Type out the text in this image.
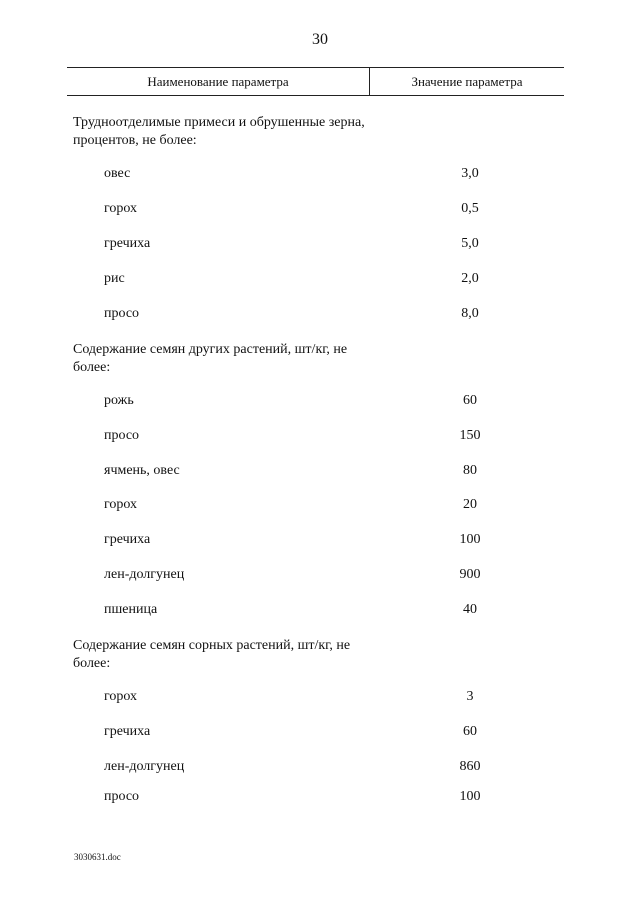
30
Наименование параметра	Значение параметра
Трудноотделимые примеси и обрушенные зерна, процентов, не более:
овес	3,0
горох	0,5
гречиха	5,0
рис	2,0
просо	8,0
Содержание семян других растений, шт/кг, не более:
рожь	60
просо	150
ячмень, овес	80
горох	20
гречиха	100
лен-долгунец	900
пшеница	40
Содержание семян сорных растений, шт/кг, не более:
горох	3
гречиха	60
лен-долгунец	860
просо	100
3030631.doc
